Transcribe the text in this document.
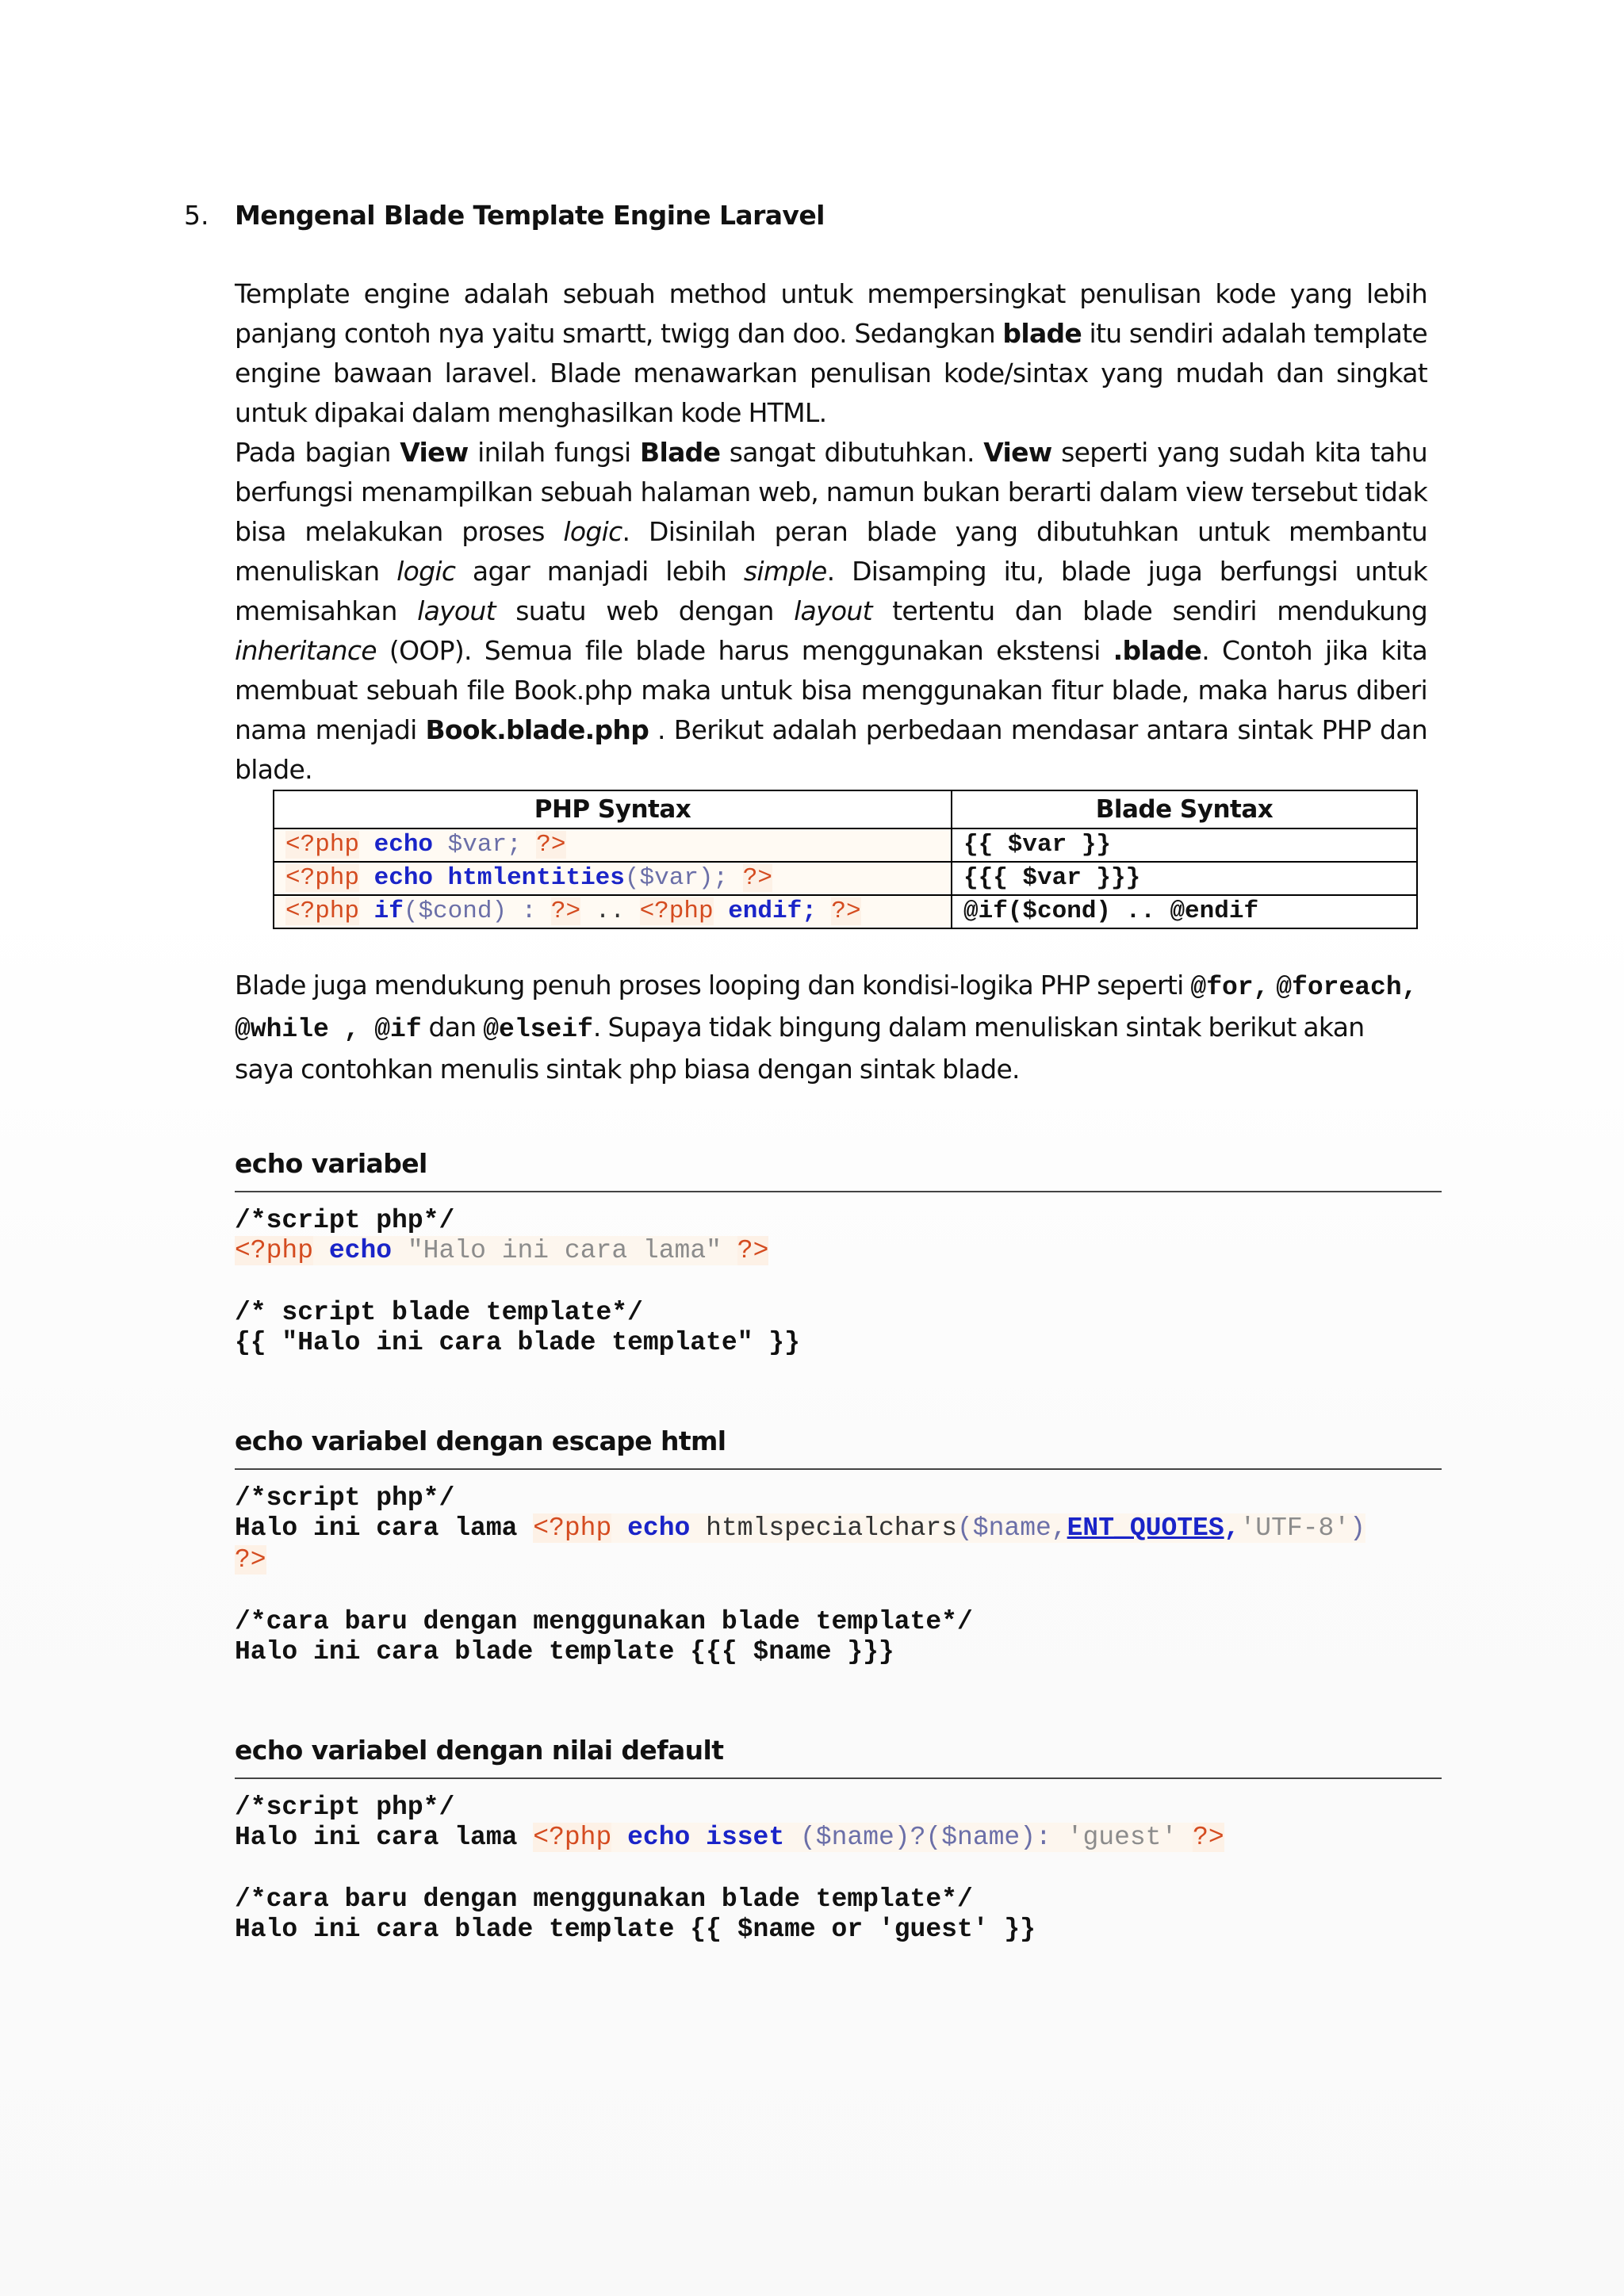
5. Mengenal Blade Template Engine Laravel
Template engine adalah sebuah method untuk mempersingkat penulisan kode yang lebih panjang contoh nya yaitu smartt, twigg dan doo. Sedangkan blade itu sendiri adalah template engine bawaan laravel. Blade menawarkan penulisan kode/sintax yang mudah dan singkat untuk dipakai dalam menghasilkan kode HTML.
Pada bagian View inilah fungsi Blade sangat dibutuhkan. View seperti yang sudah kita tahu berfungsi menampilkan sebuah halaman web, namun bukan berarti dalam view tersebut tidak bisa melakukan proses logic. Disinilah peran blade yang dibutuhkan untuk membantu menuliskan logic agar manjadi lebih simple. Disamping itu, blade juga berfungsi untuk memisahkan layout suatu web dengan layout tertentu dan blade sendiri mendukung inheritance (OOP). Semua file blade harus menggunakan ekstensi .blade. Contoh jika kita membuat sebuah file Book.php maka untuk bisa menggunakan fitur blade, maka harus diberi nama menjadi Book.blade.php . Berikut adalah perbedaan mendasar antara sintak PHP dan blade.
PHP Syntax	Blade Syntax
<?php echo $var; ?>	{{ $var }}
<?php echo htmlentities($var); ?>	{{{ $var }}}
<?php if($cond) : ?> .. <?php endif; ?>	@if($cond) .. @endif
Blade juga mendukung penuh proses looping dan kondisi-logika PHP seperti @for, @foreach, @while , @if dan @elseif. Supaya tidak bingung dalam menuliskan sintak berikut akan saya contohkan menulis sintak php biasa dengan sintak blade.
echo variabel
/*script php*/
<?php echo "Halo ini cara lama" ?>
/* script blade template*/
{{ "Halo ini cara blade template" }}
echo variabel dengan escape html
/*script php*/
Halo ini cara lama <?php echo htmlspecialchars($name,ENT_QUOTES,'UTF-8')
?>
/*cara baru dengan menggunakan blade template*/
Halo ini cara blade template {{{ $name }}}
echo variabel dengan nilai default
/*script php*/
Halo ini cara lama <?php echo isset ($name)?($name): 'guest' ?>
/*cara baru dengan menggunakan blade template*/
Halo ini cara blade template {{ $name or 'guest' }}
